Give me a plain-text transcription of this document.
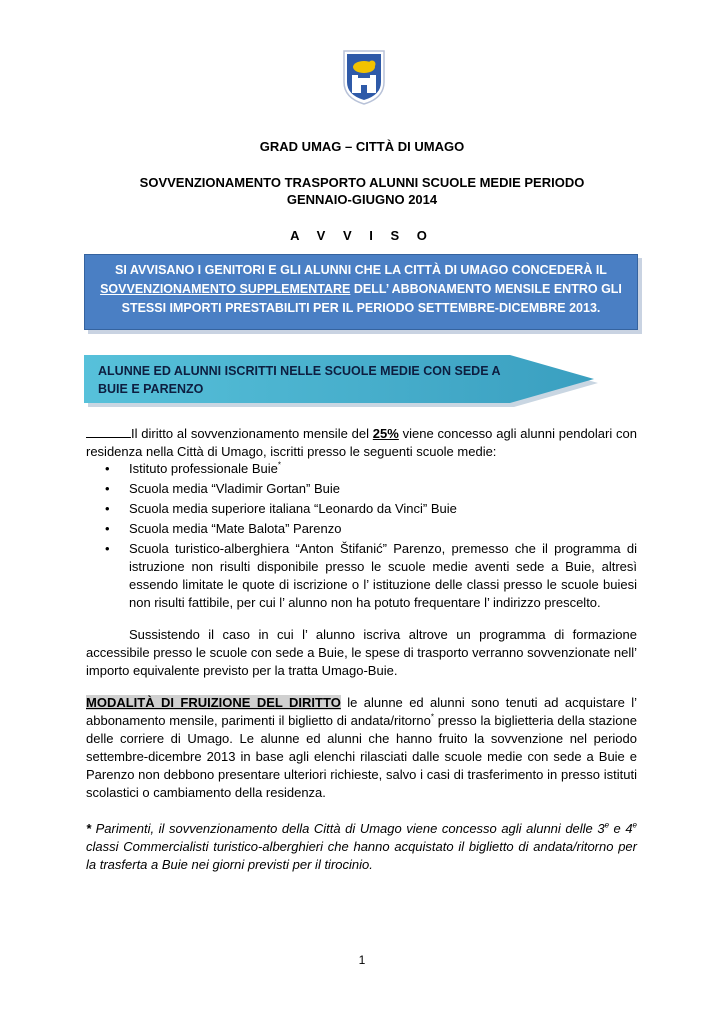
GRAD UMAG – CITTÀ DI UMAGO
SOVVENZIONAMENTO TRASPORTO ALUNNI SCUOLE MEDIE PERIODO
GENNAIO-GIUGNO 2014
A V V I S O
SI AVVISANO I GENITORI E GLI ALUNNI CHE LA CITTÀ DI UMAGO CONCEDERÀ IL SOVVENZIONAMENTO SUPPLEMENTARE DELL’ ABBONAMENTO MENSILE ENTRO GLI STESSI IMPORTI PRESTABILITI PER IL PERIODO SETTEMBRE-DICEMBRE 2013.
ALUNNE ED ALUNNI ISCRITTI NELLE SCUOLE MEDIE CON SEDE A BUIE E PARENZO
Il diritto al sovvenzionamento mensile del 25% viene concesso agli alunni pendolari con residenza nella Città di Umago, iscritti presso le seguenti scuole medie:
• Istituto professionale Buie*
• Scuola media “Vladimir Gortan” Buie
• Scuola media superiore italiana “Leonardo da Vinci” Buie
• Scuola media “Mate Balota” Parenzo
• Scuola turistico-alberghiera “Anton Štifanić” Parenzo, premesso che il programma di istruzione non risulti disponibile presso le scuole medie aventi sede a Buie, altresì essendo limitate le quote di iscrizione o l’ istituzione delle classi presso le scuole buiesi non risulti fattibile, per cui l’ alunno non ha potuto frequentare l’ indirizzo prescelto.
Sussistendo il caso in cui l’ alunno iscriva altrove un programma di formazione accessibile presso le scuole con sede a Buie, le spese di trasporto verranno sovvenzionate nell’ importo equivalente previsto per la tratta Umago-Buie.
MODALITÀ DI FRUIZIONE DEL DIRITTO le alunne ed alunni sono tenuti ad acquistare l’ abbonamento mensile, parimenti il biglietto di andata/ritorno* presso la biglietteria della stazione delle corriere di Umago. Le alunne ed alunni che hanno fruito la sovvenzione nel periodo settembre-dicembre 2013 in base agli elenchi rilasciati dalle scuole medie con sede a Buie e Parenzo non debbono presentare ulteriori richieste, salvo i casi di trasferimento in presso istituti scolastici o cambiamento della residenza.
* Parimenti, il sovvenzionamento della Città di Umago viene concesso agli alunni delle 3e e 4e classi Commercialisti turistico-alberghieri che hanno acquistato il biglietto di andata/ritorno per la trasferta a Buie nei giorni previsti per il tirocinio.
1
